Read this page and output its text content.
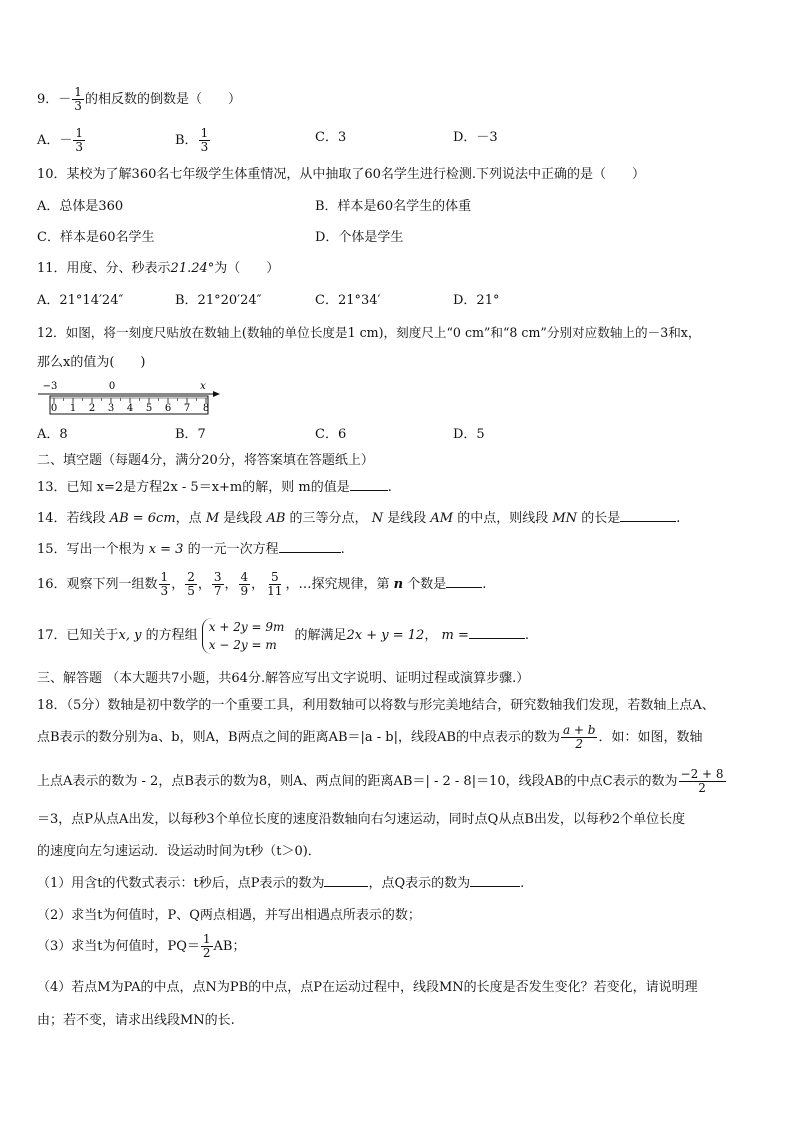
9．－ $\frac{1}{3}$ 的相反数的倒数是（　　）
A．－ $\frac{1}{3}$	B． $\frac{1}{3}$	C．3	D．－3
10．某校为了解360名七年级学生体重情况，从中抽取了60名学生进行检测.下列说法中正确的是（　　）
A．总体是360	B．样本是60名学生的体重
C．样本是60名学生	D．个体是学生
11．用度、分、秒表示21.24°为（　　）
A．21°14′24″	B．21°20′24″	C．21°34′	D．21°
12．如图，将一刻度尺贴放在数轴上(数轴的单位长度是1 cm)，刻度尺上“0 cm”和“8 cm”分别对应数轴上的－3和x，
那么x的值为(　　)
−3	0	x
0 1 2 3 4 5 6 7 8
A．8	B．7	C．6	D．5
二、填空题（每题4分，满分20分，将答案填在答题纸上）
13．已知 x=2是方程2x - 5＝x+m的解，则 m的值是	.
14．若线段 AB = 6cm，点 M 是线段 AB 的三等分点， N 是线段 AM 的中点，则线段 MN 的长是	.
15．写出一个根为 x = 3 的一元一次方程	.
16．观察下列一组数 $\frac{1}{3}$ ， $\frac{2}{5}$ ， $\frac{3}{7}$ ， $\frac{4}{9}$ ， $\frac{5}{11}$ ，…探究规律，第 n 个数是	.
17．已知关于x, y 的方程组
x + 2y = 9m
x − 2y = m
的解满足2x + y = 12， m =	.
三、解答题 （本大题共7小题，共64分.解答应写出文字说明、证明过程或演算步骤.）
18．（5分）数轴是初中数学的一个重要工具，利用数轴可以将数与形完美地结合，研究数轴我们发现，若数轴上点A、
点B表示的数分别为a、b，则A，B两点之间的距离AB＝|a - b|，线段AB的中点表示的数为 $\frac{a + b}{2}$ ．如：如图，数轴
上点A表示的数为 - 2，点B表示的数为8，则A、两点间的距离AB＝| - 2 - 8|＝10，线段AB的中点C表示的数为 $\frac{-2 + 8}{2}$
＝3，点P从点A出发，以每秒3个单位长度的速度沿数轴向右匀速运动，同时点Q从点B出发，以每秒2个单位长度
的速度向左匀速运动．设运动时间为t秒（t＞0)．
（1）用含t的代数式表示：t秒后，点P表示的数为	，点Q表示的数为	.
（2）求当t为何值时，P、Q两点相遇，并写出相遇点所表示的数；
（3）求当t为何值时，$PQ= \frac{1}{2}$ AB；
（4）若点M为PA的中点，点N为PB的中点，点P在运动过程中，线段MN的长度是否发生变化？若变化，请说明理
由；若不变，请求出线段MN的长.
